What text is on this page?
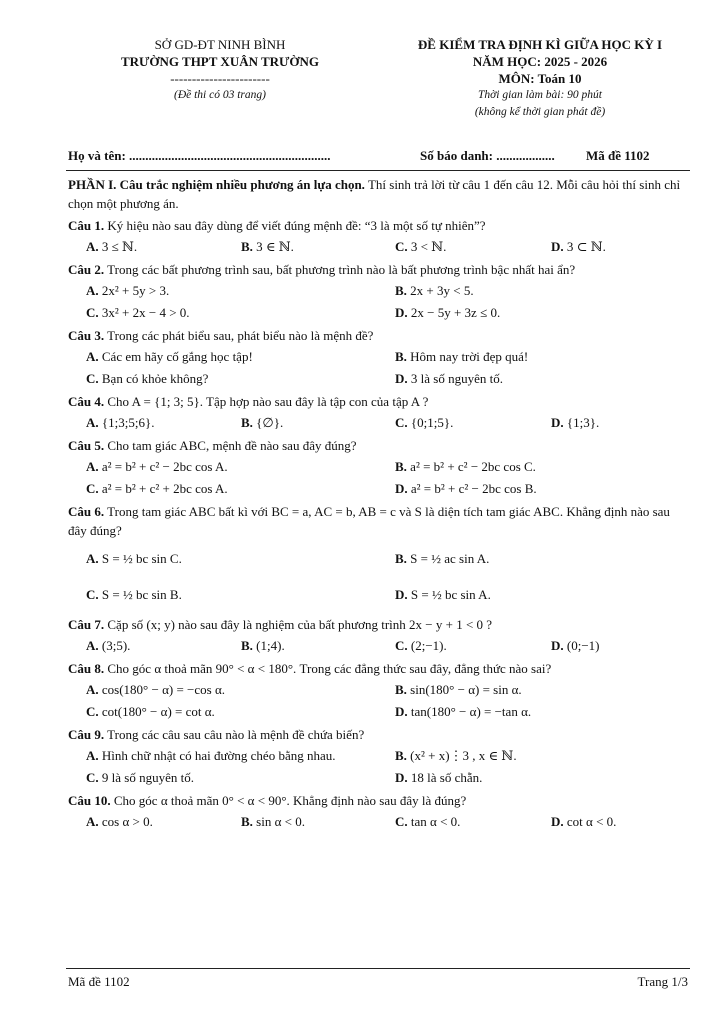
SỞ GD-ĐT NINH BÌNH
TRƯỜNG THPT XUÂN TRƯỜNG
-----------------------
(Đề thi có 03 trang)
ĐỀ KIỂM TRA ĐỊNH KÌ GIỮA HỌC KỲ I
NĂM HỌC: 2025 - 2026
MÔN: Toán 10
Thời gian làm bài: 90 phút
(không kể thời gian phát đề)
Họ và tên: ..............................................................	Số báo danh: .................. Mã đề 1102

PHẦN I. Câu trắc nghiệm nhiều phương án lựa chọn. Thí sinh trả lời từ câu 1 đến câu 12. Mỗi câu hỏi thí sinh chỉ chọn một phương án.

Câu 1. Ký hiệu nào sau đây dùng để viết đúng mệnh đề: “3 là một số tự nhiên”?

A. 3 ≤ ℕ.	B. 3 ∈ ℕ.	C. 3 < ℕ.	D. 3 ⊂ ℕ.

Câu 2. Trong các bất phương trình sau, bất phương trình nào là bất phương trình bậc nhất hai ẩn?

A. 2x² + 5y > 3.	B. 2x + 3y < 5.
C. 3x² + 2x − 4 > 0.	D. 2x − 5y + 3z ≤ 0.

Câu 3. Trong các phát biểu sau, phát biểu nào là mệnh đề?

A. Các em hãy cố gắng học tập!	B. Hôm nay trời đẹp quá!
C. Bạn có khỏe không?	D. 3 là số nguyên tố.

Câu 4. Cho A = {1; 3; 5}. Tập hợp nào sau đây là tập con của tập A ?

A. {1;3;5;6}.	B. {∅}.	C. {0;1;5}.	D. {1;3}.

Câu 5. Cho tam giác ABC, mệnh đề nào sau đây đúng?

A. a² = b² + c² − 2bc cos A.	B. a² = b² + c² − 2bc cos C.
C. a² = b² + c² + 2bc cos A.	D. a² = b² + c² − 2bc cos B.

Câu 6. Trong tam giác ABC bất kì với BC = a, AC = b, AB = c và S là diện tích tam giác ABC. Khẳng định nào sau đây đúng?

A. S = ½ bc sin C.	B. S = ½ ac sin A.
C. S = ½ bc sin B.	D. S = ½ bc sin A.

Câu 7. Cặp số (x; y) nào sau đây là nghiệm của bất phương trình 2x − y + 1 < 0 ?

A. (3;5).	B. (1;4).	C. (2;−1).	D. (0;−1)

Câu 8. Cho góc α thoả mãn 90° < α < 180°. Trong các đẳng thức sau đây, đẳng thức nào sai?

A. cos(180° − α) = −cos α.	B. sin(180° − α) = sin α.
C. cot(180° − α) = cot α.	D. tan(180° − α) = −tan α.

Câu 9. Trong các câu sau câu nào là mệnh đề chứa biến?

A. Hình chữ nhật có hai đường chéo bằng nhau.	B. (x² + x)⋮3 , x ∈ ℕ.
C. 9 là số nguyên tố.	D. 18 là số chẵn.

Câu 10. Cho góc α thoả mãn 0° < α < 90°. Khẳng định nào sau đây là đúng?

A. cos α > 0.	B. sin α < 0.	C. tan α < 0.	D. cot α < 0.
Mã đề 1102	Trang 1/3
